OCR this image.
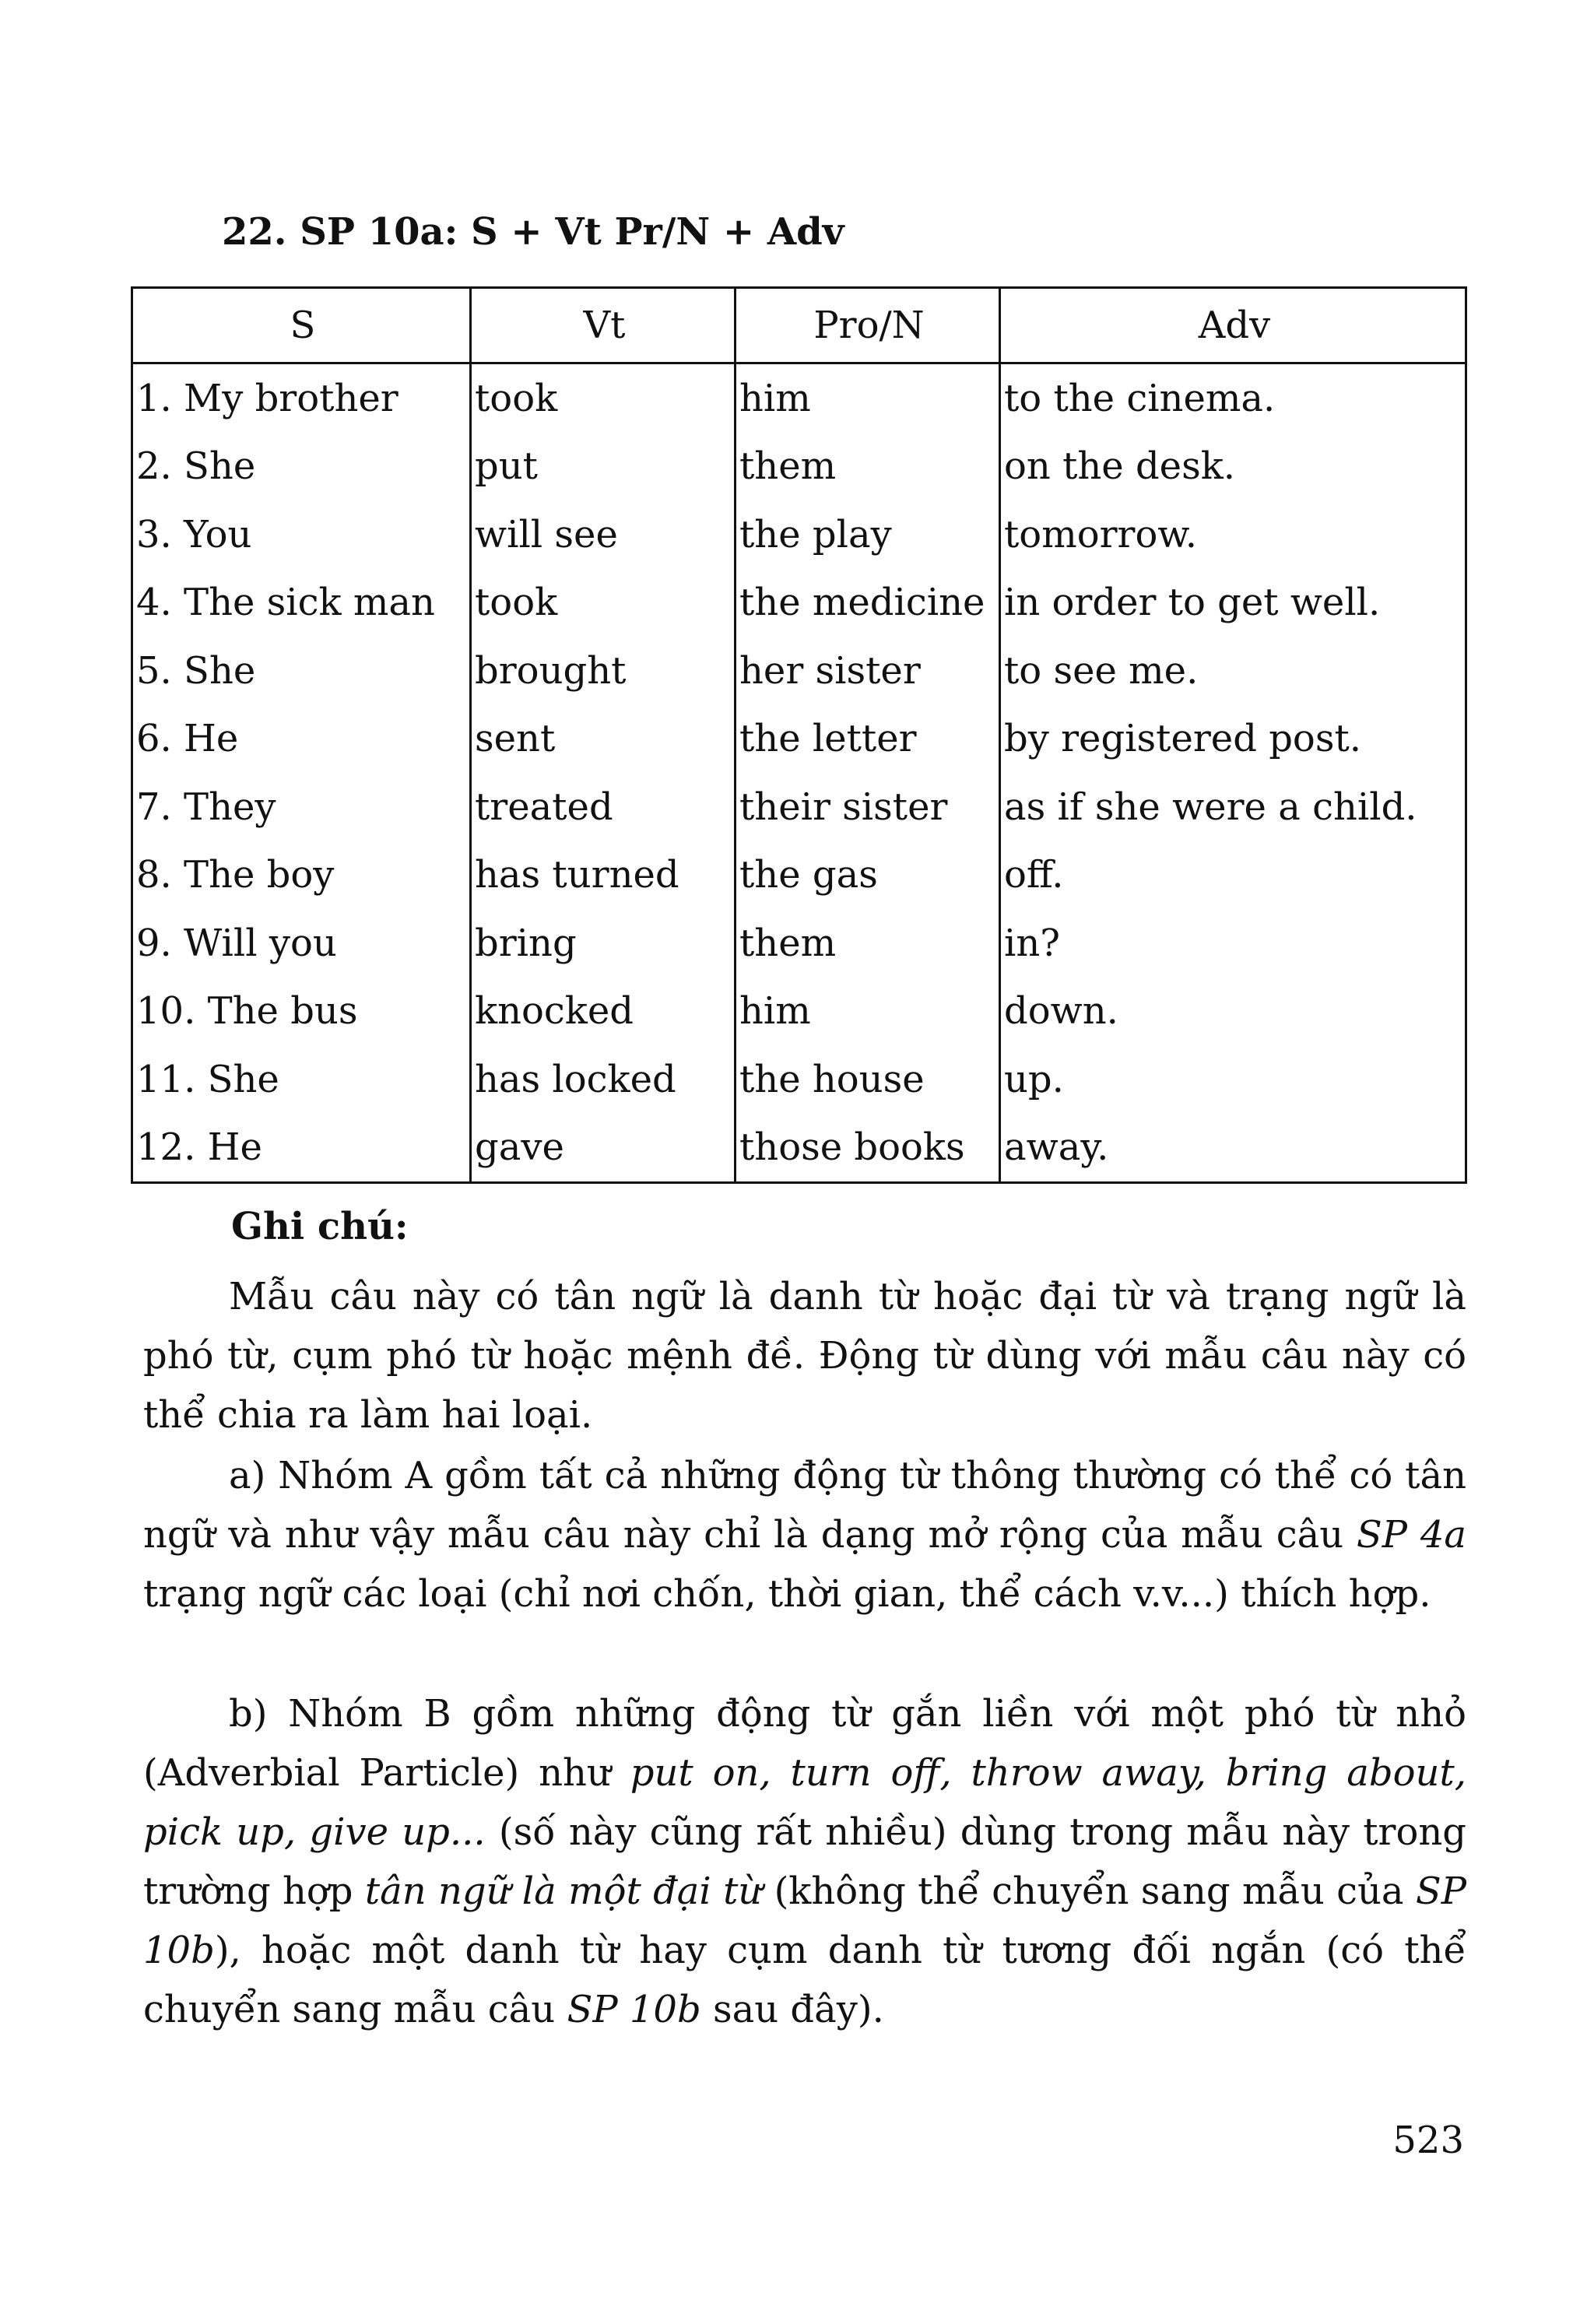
22. SP 10a: S + Vt Pr/N + Adv
S	Vt	Pro/N	Adv
1. My brother	took	him	to the cinema.
2. She	put	them	on the desk.
3. You	will see	the play	tomorrow.
4. The sick man	took	the medicine	in order to get well.
5. She	brought	her sister	to see me.
6. He	sent	the letter	by registered post.
7. They	treated	their sister	as if she were a child.
8. The boy	has turned	the gas	off.
9. Will you	bring	them	in?
10. The bus	knocked	him	down.
11. She	has locked	the house	up.
12. He	gave	those books	away.
Ghi chú:

Mẫu câu này có tân ngữ là danh từ hoặc đại từ và trạng ngữ là phó từ, cụm phó từ hoặc mệnh đề. Động từ dùng với mẫu câu này có thể chia ra làm hai loại.

a) Nhóm A gồm tất cả những động từ thông thường có thể có tân ngữ và như vậy mẫu câu này chỉ là dạng mở rộng của mẫu câu SP 4a trạng ngữ các loại (chỉ nơi chốn, thời gian, thể cách v.v...) thích hợp.

b) Nhóm B gồm những động từ gắn liền với một phó từ nhỏ (Adverbial Particle) như put on, turn off, throw away, bring about, pick up, give up... (số này cũng rất nhiều) dùng trong mẫu này trong trường hợp tân ngữ là một đại từ (không thể chuyển sang mẫu của SP 10b), hoặc một danh từ hay cụm danh từ tương đối ngắn (có thể chuyển sang mẫu câu SP 10b sau đây).

523
